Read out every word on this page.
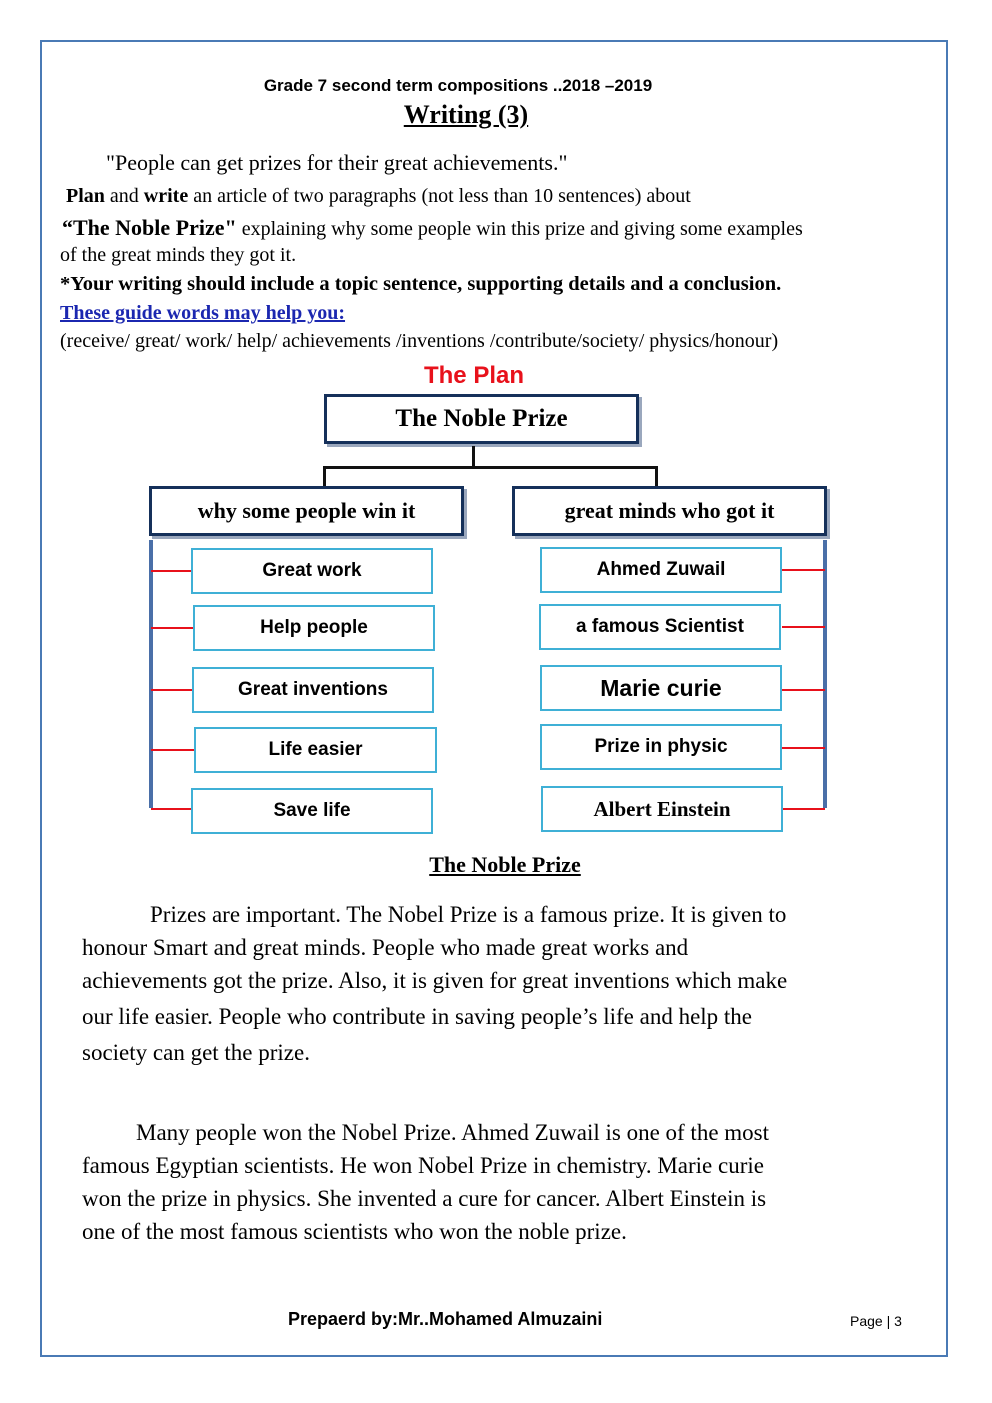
Grade 7 second term compositions ..2018 –2019
Writing (3)
"People can get prizes for their great achievements."
Plan and write an article of two paragraphs (not less than 10 sentences) about
“The Noble Prize" explaining why some people win this prize and giving some examples
of the great minds they got it.
*Your writing should include a topic sentence, supporting details and a conclusion.
These guide words may help you:
(receive/ great/ work/ help/ achievements /inventions /contribute/society/ physics/honour)
The Plan
The Noble Prize
why some people win it	great minds who got it
Great work
Help people
Great inventions
Life easier
Save life
Ahmed Zuwail
a famous Scientist
Marie curie
Prize in physic
Albert Einstein
The Noble Prize
Prizes are important. The Nobel Prize is a famous prize. It is given to
honour Smart and great minds. People who made great works and
achievements got the prize. Also, it is given for great inventions which make
our life easier. People who contribute in saving people’s life and help the
society can get the prize.
Many people won the Nobel Prize. Ahmed Zuwail is one of the most
famous Egyptian scientists. He won Nobel Prize in chemistry. Marie curie
won the prize in physics. She invented a cure for cancer. Albert Einstein is
one of the most famous scientists who won the noble prize.
Prepaerd by:Mr..Mohamed Almuzaini	Page | 3
